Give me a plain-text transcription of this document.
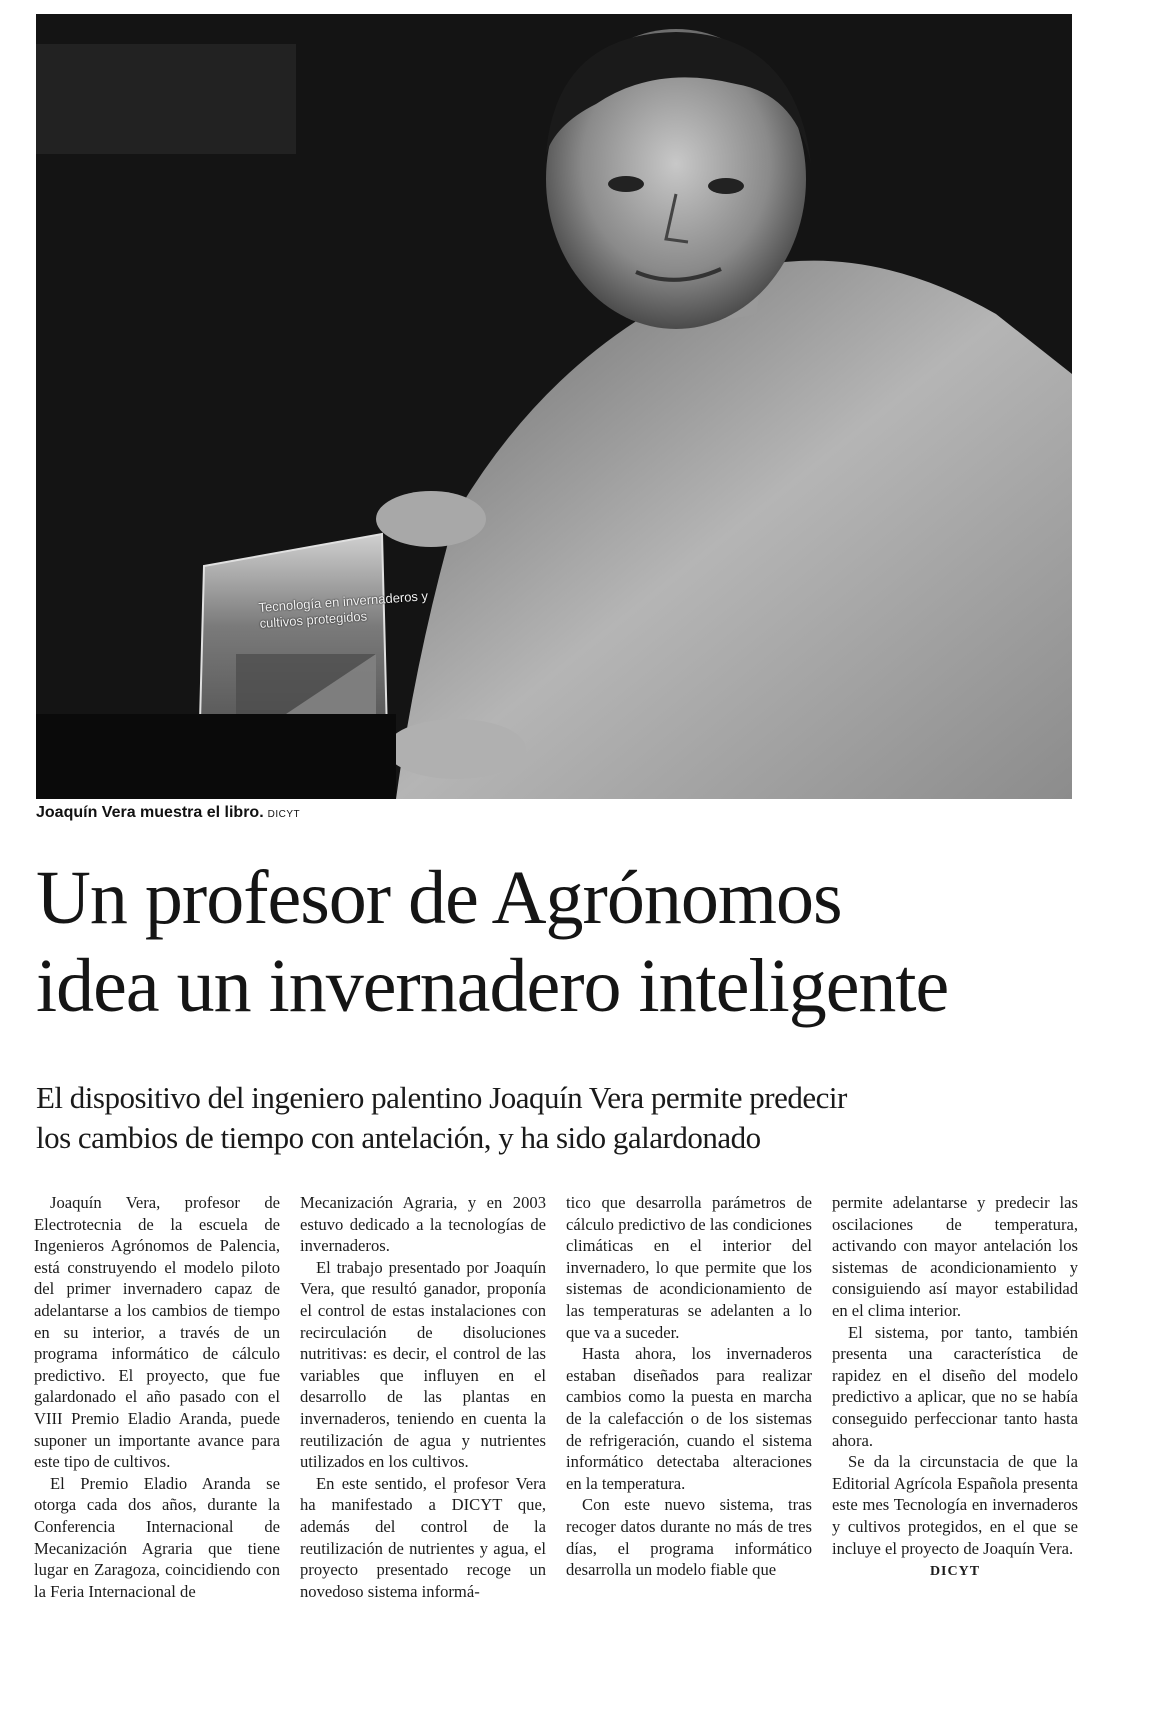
Tecnología en invernaderos y cultivos protegidos
Joaquín Vera muestra el libro. DICYT
Un profesor de Agrónomos
idea un invernadero inteligente
El dispositivo del ingeniero palentino Joaquín Vera permite predecir
los cambios de tiempo con antelación, y ha sido galardonado

Joaquín Vera, profesor de Electrotecnia de la escuela de Ingenieros Agrónomos de Palencia, está construyendo el modelo piloto del primer invernadero capaz de adelantarse a los cambios de tiempo en su interior, a través de un programa informático de cálculo predictivo. El proyecto, que fue galardonado el año pasado con el VIII Premio Eladio Aranda, puede suponer un importante avance para este tipo de cultivos.

El Premio Eladio Aranda se otorga cada dos años, durante la Conferencia Internacional de Mecanización Agraria que tiene lugar en Zaragoza, coincidiendo con la Feria Internacional de

Mecanización Agraria, y en 2003 estuvo dedicado a la tecnologías de invernaderos.

El trabajo presentado por Joaquín Vera, que resultó ganador, proponía el control de estas instalaciones con recirculación de disoluciones nutritivas: es decir, el control de las variables que influyen en el desarrollo de las plantas en invernaderos, teniendo en cuenta la reutilización de agua y nutrientes utilizados en los cultivos.

En este sentido, el profesor Vera ha manifestado a DICYT que, además del control de la reutilización de nutrientes y agua, el proyecto presentado recoge un novedoso sistema informá-

tico que desarrolla parámetros de cálculo predictivo de las condiciones climáticas en el interior del invernadero, lo que permite que los sistemas de acondicionamiento de las temperaturas se adelanten a lo que va a suceder.

Hasta ahora, los invernaderos estaban diseñados para realizar cambios como la puesta en marcha de la calefacción o de los sistemas de refrigeración, cuando el sistema informático detectaba alteraciones en la temperatura.

Con este nuevo sistema, tras recoger datos durante no más de tres días, el programa informático desarrolla un modelo fiable que

permite adelantarse y predecir las oscilaciones de temperatura, activando con mayor antelación los sistemas de acondicionamiento y consiguiendo así mayor estabilidad en el clima interior.

El sistema, por tanto, también presenta una característica de rapidez en el diseño del modelo predictivo a aplicar, que no se había conseguido perfeccionar tanto hasta ahora.

Se da la circunstacia de que la Editorial Agrícola Española presenta este mes Tecnología en invernaderos y cultivos protegidos, en el que se incluye el proyecto de Joaquín Vera.

DICYT
